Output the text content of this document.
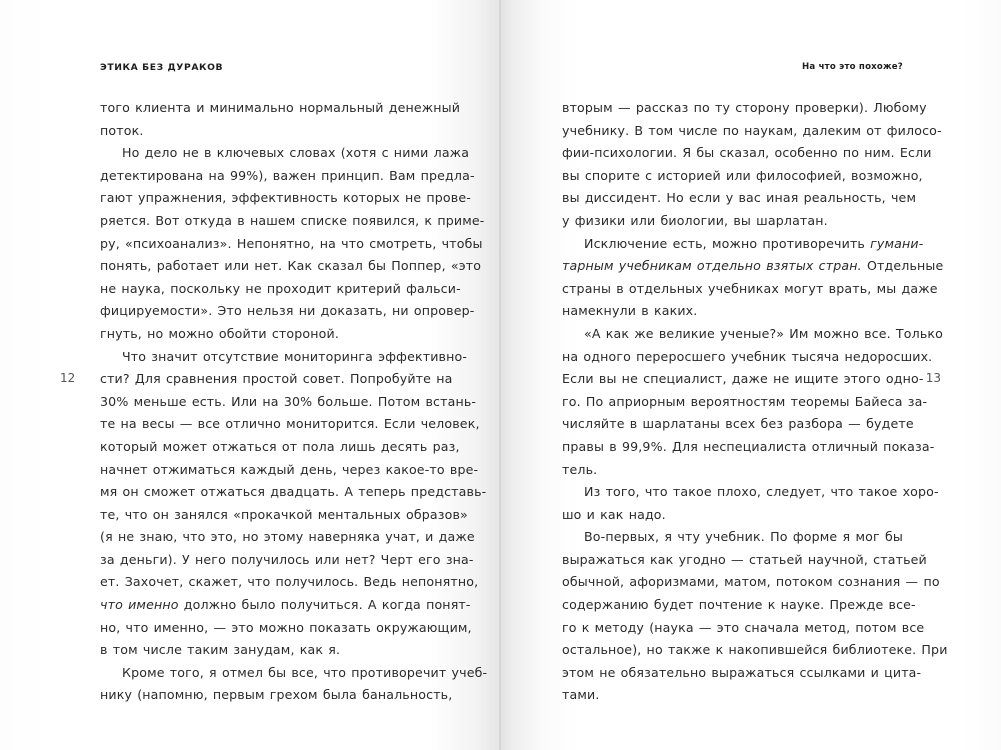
ЭТИКА БЕЗ ДУРАКОВ
12
того клиента и минимально нормальный денежный
поток.
Но дело не в ключевых словах (хотя с ними лажа
детектирована на 99%), важен принцип. Вам предла-
гают упражнения, эффективность которых не прове-
ряется. Вот откуда в нашем списке появился, к приме-
ру, «психоанализ». Непонятно, на что смотреть, чтобы
понять, работает или нет. Как сказал бы Поппер, «это
не наука, поскольку не проходит критерий фальси-
фицируемости». Это нельзя ни доказать, ни опровер-
гнуть, но можно обойти стороной.
Что значит отсутствие мониторинга эффективно-
сти? Для сравнения простой совет. Попробуйте на
30% меньше есть. Или на 30% больше. Потом встань-
те на весы — все отлично мониторится. Если человек,
который может отжаться от пола лишь десять раз,
начнет отжиматься каждый день, через какое-то вре-
мя он сможет отжаться двадцать. А теперь представь-
те, что он занялся «прокачкой ментальных образов»
(я не знаю, что это, но этому наверняка учат, и даже
за деньги). У него получилось или нет? Черт его зна-
ет. Захочет, скажет, что получилось. Ведь непонятно,
что именно должно было получиться. А когда понят-
но, что именно, — это можно показать окружающим,
в том числе таким занудам, как я.
Кроме того, я отмел бы все, что противоречит учеб-
нику (напомню, первым грехом была банальность,
На что это похоже?
13
вторым — рассказ по ту сторону проверки). Любому
учебнику. В том числе по наукам, далеким от филосо-
фии-психологии. Я бы сказал, особенно по ним. Если
вы спорите с историей или философией, возможно,
вы диссидент. Но если у вас иная реальность, чем
у физики или биологии, вы шарлатан.
Исключение есть, можно противоречить гумани-
тарным учебникам отдельно взятых стран. Отдельные
страны в отдельных учебниках могут врать, мы даже
намекнули в каких.
«А как же великие ученые?» Им можно все. Только
на одного переросшего учебник тысяча недоросших.
Если вы не специалист, даже не ищите этого одно-
го. По априорным вероятностям теоремы Байеса за-
числяйте в шарлатаны всех без разбора — будете
правы в 99,9%. Для неспециалиста отличный показа-
тель.
Из того, что такое плохо, следует, что такое хоро-
шо и как надо.
Во-первых, я чту учебник. По форме я мог бы
выражаться как угодно — статьей научной, статьей
обычной, афоризмами, матом, потоком сознания — по
содержанию будет почтение к науке. Прежде все-
го к методу (наука — это сначала метод, потом все
остальное), но также к накопившейся библиотеке. При
этом не обязательно выражаться ссылками и цита-
тами.
